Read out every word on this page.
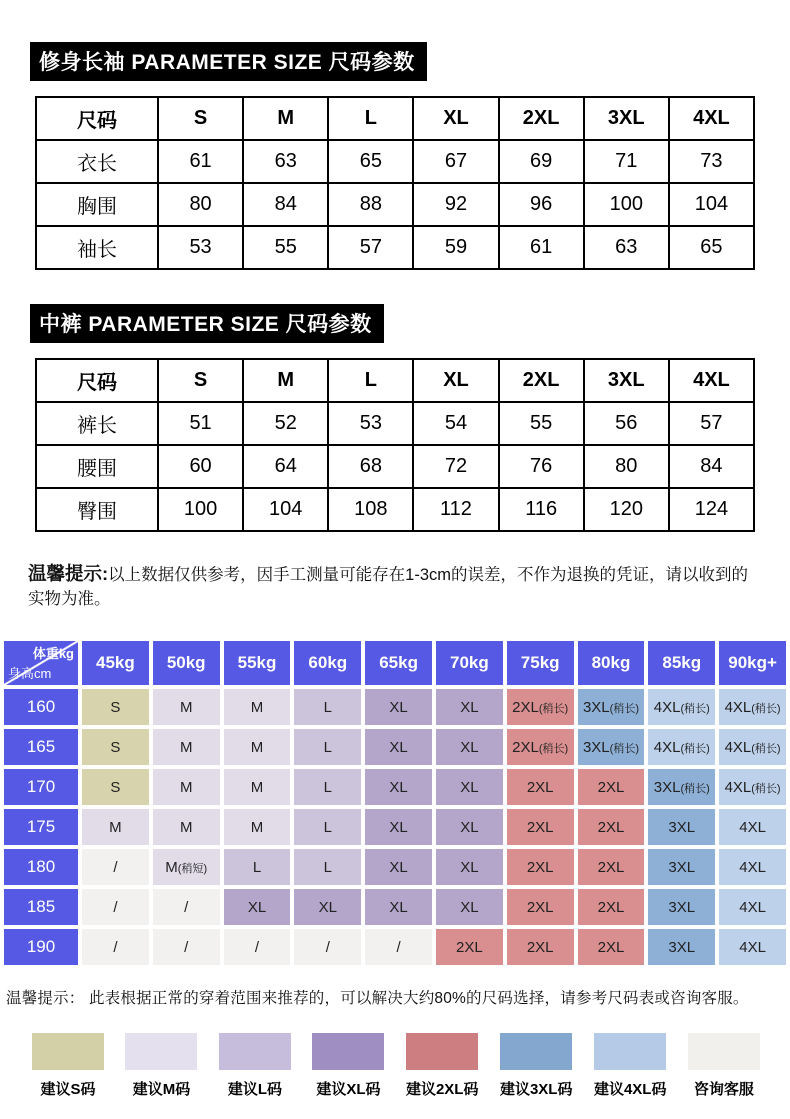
修身长袖 PARAMETER SIZE 尺码参数
尺码	S	M	L	XL	2XL	3XL	4XL
衣长	61	63	65	67	69	71	73
胸围	80	84	88	92	96	100	104
袖长	53	55	57	59	61	63	65
中裤 PARAMETER SIZE 尺码参数
尺码	S	M	L	XL	2XL	3XL	4XL
裤长	51	52	53	54	55	56	57
腰围	60	64	68	72	76	80	84
臀围	100	104	108	112	116	120	124

温馨提示:以上数据仅供参考，因手工测量可能存在1-3cm的误差，不作为退换的凭证，请以收到的实物为准。

体重kg
身高cm	45kg	50kg	55kg	60kg	65kg	70kg	75kg	80kg	85kg	90kg+
160	S	M	M	L	XL	XL	2XL(稍长)	3XL(稍长)	4XL(稍长)	4XL(稍长)
165	S	M	M	L	XL	XL	2XL(稍长)	3XL(稍长)	4XL(稍长)	4XL(稍长)
170	S	M	M	L	XL	XL	2XL	2XL	3XL(稍长)	4XL(稍长)
175	M	M	M	L	XL	XL	2XL	2XL	3XL	4XL
180	/	M(稍短)	L	L	XL	XL	2XL	2XL	3XL	4XL
185	/	/	XL	XL	XL	XL	2XL	2XL	3XL	4XL
190	/	/	/	/	/	2XL	2XL	2XL	3XL	4XL

温馨提示： 此表根据正常的穿着范围来推荐的，可以解决大约80%的尺码选择，请参考尺码表或咨询客服。

建议S码 建议M码	建议L码 建议XL码 建议2XL码 建议3XL码 建议4XL码 咨询客服
